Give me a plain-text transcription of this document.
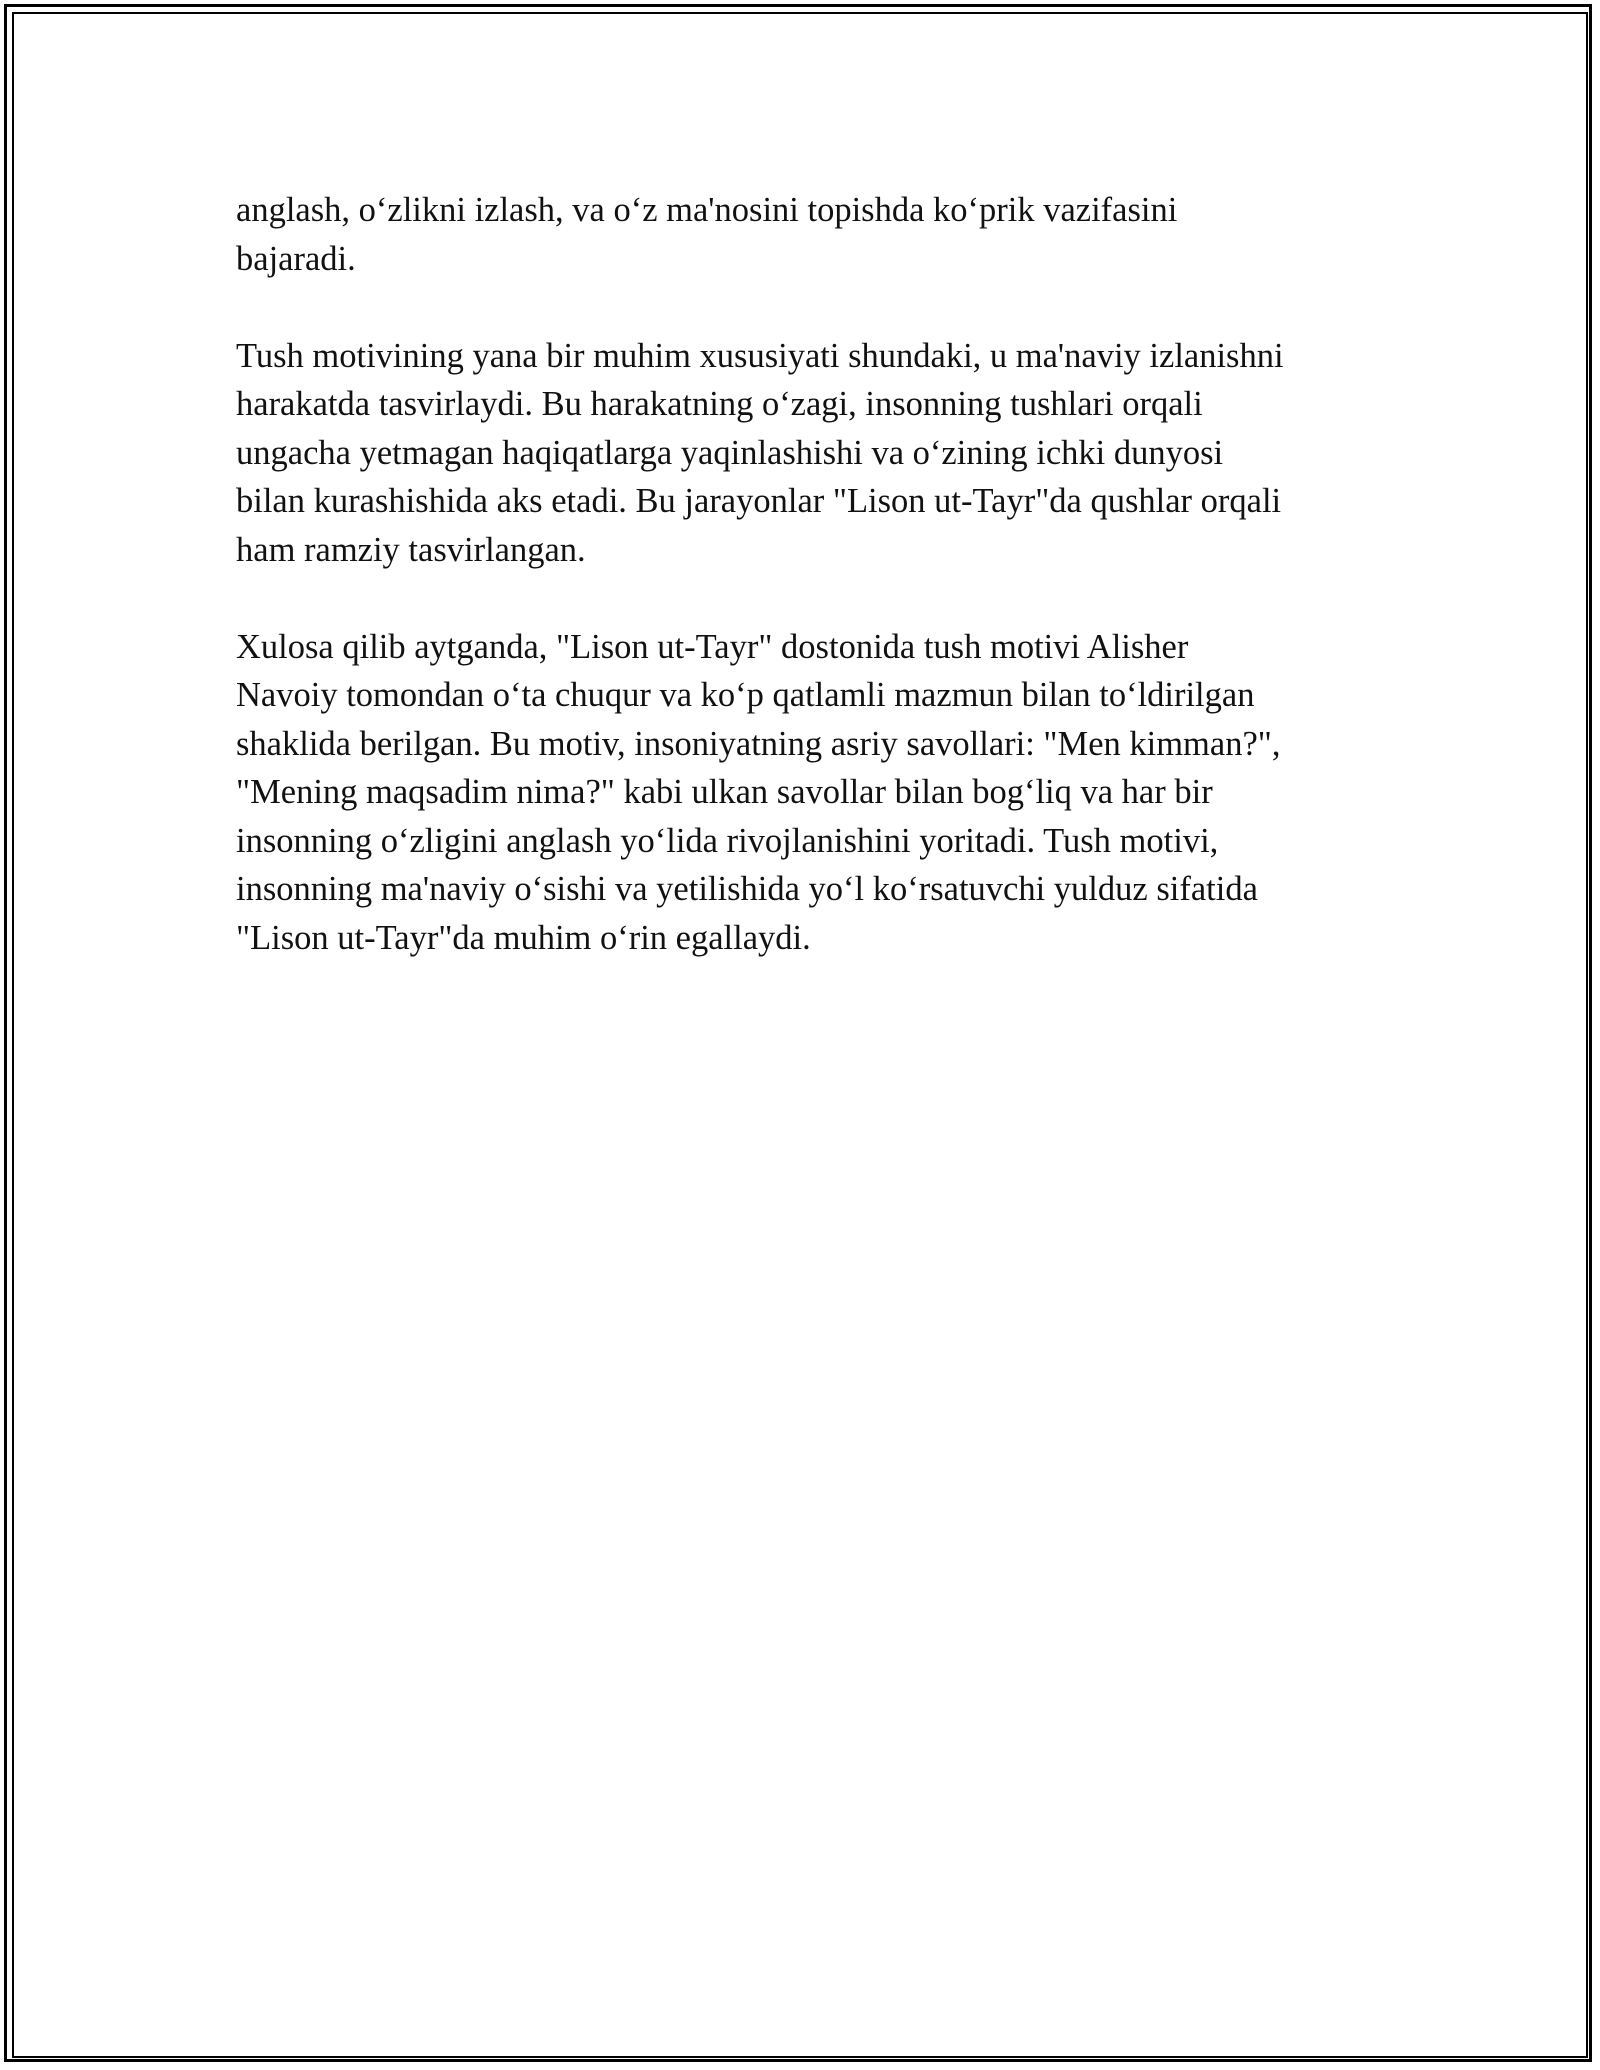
anglash, o‘zlikni izlash, va o‘z ma'nosini topishda ko‘prik vazifasini
bajaradi.

Tush motivining yana bir muhim xususiyati shundaki, u ma'naviy izlanishni
harakatda tasvirlaydi. Bu harakatning o‘zagi, insonning tushlari orqali
ungacha yetmagan haqiqatlarga yaqinlashishi va o‘zining ichki dunyosi
bilan kurashishida aks etadi. Bu jarayonlar "Lison ut-Tayr"da qushlar orqali
ham ramziy tasvirlangan.

Xulosa qilib aytganda, "Lison ut-Tayr" dostonida tush motivi Alisher
Navoiy tomondan o‘ta chuqur va ko‘p qatlamli mazmun bilan to‘ldirilgan
shaklida berilgan. Bu motiv, insoniyatning asriy savollari: "Men kimman?",
"Mening maqsadim nima?" kabi ulkan savollar bilan bog‘liq va har bir
insonning o‘zligini anglash yo‘lida rivojlanishini yoritadi. Tush motivi,
insonning ma'naviy o‘sishi va yetilishida yo‘l ko‘rsatuvchi yulduz sifatida
"Lison ut-Tayr"da muhim o‘rin egallaydi.
